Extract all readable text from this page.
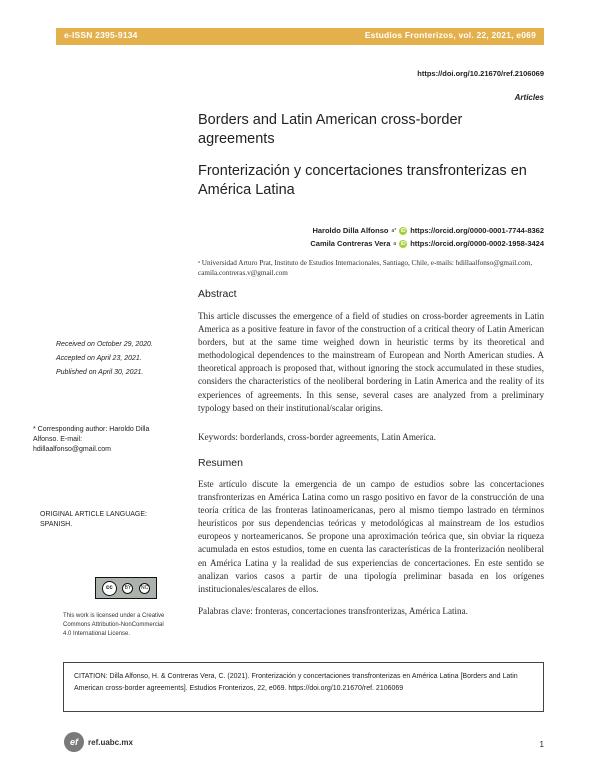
e-ISSN 2395-9134	Estudios Fronterizos, vol. 22, 2021, e069
https://doi.org/10.21670/ref.2106069
Articles
Borders and Latin American cross-border agreements
Fronterización y concertaciones transfronterizas en América Latina
Haroldo Dilla Alfonso a* iD https://orcid.org/0000-0001-7744-8362
Camila Contreras Vera a iD https://orcid.org/0000-0002-1958-3424
ᵃ Universidad Arturo Prat, Instituto de Estudios Internacionales, Santiago, Chile, e-mails: hdillaalfonso@gmail.com, camila.contreras.v@gmail.com
Abstract

This article discusses the emergence of a field of studies on cross-border agreements in Latin America as a positive feature in favor of the construction of a critical theory of Latin American borders, but at the same time weighed down in heuristic terms by its theoretical and methodological dependences to the mainstream of European and North American studies. A theoretical approach is proposed that, without ignoring the stock accumulated in these studies, considers the characteristics of the neoliberal bordering in Latin America and the reality of its experiences of agreements. In this sense, several cases are analyzed from a preliminary typology based on their institutional/scalar origins.

Keywords: borderlands, cross-border agreements, Latin America.

Resumen

Este artículo discute la emergencia de un campo de estudios sobre las concertaciones transfronterizas en América Latina como un rasgo positivo en favor de la construcción de una teoría crítica de las fronteras latinoamericanas, pero al mismo tiempo lastrado en términos heurísticos por sus dependencias teóricas y metodológicas al mainstream de los estudios europeos y norteamericanos. Se propone una aproximación teórica que, sin obviar la riqueza acumulada en estos estudios, tome en cuenta las características de la fronterización neoliberal en América Latina y la realidad de sus experiencias de concertaciones. En este sentido se analizan varios casos a partir de una tipología preliminar basada en los orígenes institucionales/escalares de ellos.

Palabras clave: fronteras, concertaciones transfronterizas, América Latina.

Received on October 29, 2020.
Accepted on April 23, 2021.
Published on April 30, 2021.
* Corresponding author: Haroldo Dilla Alfonso. E-mail: hdillaalfonso@gmail.com
ORIGINAL ARTICLE LANGUAGE: SPANISH.
cc	BY	NC
This work is licensed under a Creative Commons Attribution-NonCommercial 4.0 International License.
CITATION: Dilla Alfonso, H. & Contreras Vera, C. (2021). Fronterización y concertaciones transfronterizas en América Latina [Borders and Latin American cross-border agreements]. Estudios Fronterizos, 22, e069. https://doi.org/10.21670/ref. 2106069
ef	ref.uabc.mx	1
